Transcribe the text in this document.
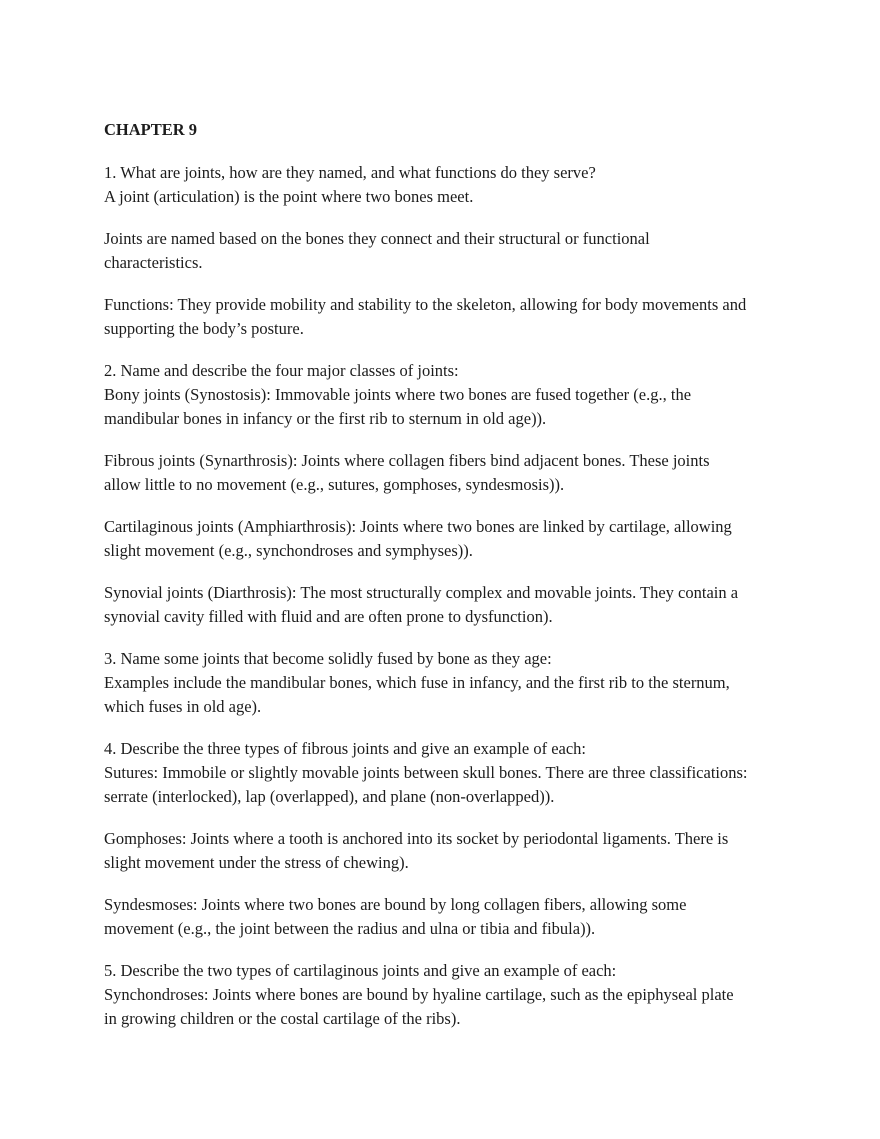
CHAPTER 9
1. What are joints, how are they named, and what functions do they serve?
A joint (articulation) is the point where two bones meet.
Joints are named based on the bones they connect and their structural or functional
characteristics.
Functions: They provide mobility and stability to the skeleton, allowing for body movements and
supporting the body’s posture.
2. Name and describe the four major classes of joints:
Bony joints (Synostosis): Immovable joints where two bones are fused together (e.g., the
mandibular bones in infancy or the first rib to sternum in old age)).
Fibrous joints (Synarthrosis): Joints where collagen fibers bind adjacent bones. These joints
allow little to no movement (e.g., sutures, gomphoses, syndesmosis)).
Cartilaginous joints (Amphiarthrosis): Joints where two bones are linked by cartilage, allowing
slight movement (e.g., synchondroses and symphyses)).
Synovial joints (Diarthrosis): The most structurally complex and movable joints. They contain a
synovial cavity filled with fluid and are often prone to dysfunction).
3. Name some joints that become solidly fused by bone as they age:
Examples include the mandibular bones, which fuse in infancy, and the first rib to the sternum,
which fuses in old age).
4. Describe the three types of fibrous joints and give an example of each:
Sutures: Immobile or slightly movable joints between skull bones. There are three classifications:
serrate (interlocked), lap (overlapped), and plane (non-overlapped)).
Gomphoses: Joints where a tooth is anchored into its socket by periodontal ligaments. There is
slight movement under the stress of chewing).
Syndesmoses: Joints where two bones are bound by long collagen fibers, allowing some
movement (e.g., the joint between the radius and ulna or tibia and fibula)).
5. Describe the two types of cartilaginous joints and give an example of each:
Synchondroses: Joints where bones are bound by hyaline cartilage, such as the epiphyseal plate
in growing children or the costal cartilage of the ribs).
